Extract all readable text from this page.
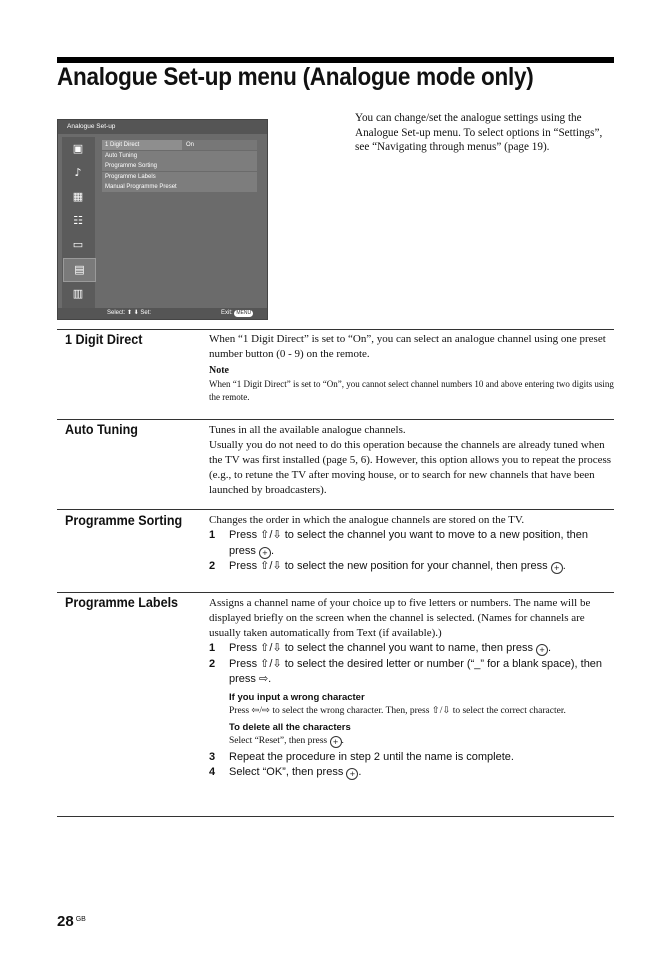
Analogue Set-up menu (Analogue mode only)
Analogue Set-up
▣
♪
▦
☷
▭
▤
▥
1 Digit Direct	On
Auto Tuning
Programme Sorting
Programme Labels
Manual Programme Preset
Select: ⬆ ⬇ Set:	Exit: MENU
You can change/set the analogue settings using the Analogue Set-up menu. To select options in “Settings”, see “Navigating through menus” (page 19).
1 Digit Direct	When “1 Digit Direct” is set to “On”, you can select an analogue channel using one preset number button (0 - 9) on the remote.

Note

When “1 Digit Direct” is set to “On”, you cannot select channel numbers 10 and above entering two digits using the remote.

Auto Tuning	Tunes in all the available analogue channels.

Usually you do not need to do this operation because the channels are already tuned when the TV was first installed (page 5, 6). However, this option allows you to repeat the process (e.g., to retune the TV after moving house, or to search for new channels that have been launched by broadcasters).

Programme Sorting Changes the order in which the analogue channels are stored on the TV.

1 Press ⇧/⇩ to select the channel you want to move to a new position, then press + .
2 Press ⇧/⇩ to select the new position for your channel, then press + .
Programme Labels	Assigns a channel name of your choice up to five letters or numbers. The name will be displayed briefly on the screen when the channel is selected. (Names for channels are usually taken automatically from Text (if available).)

1 Press ⇧/⇩ to select the channel you want to name, then press + .
2 Press ⇧/⇩ to select the desired letter or number (“_” for a blank space), then press ⇨.

If you input a wrong character

Press ⇦/⇨ to select the wrong character. Then, press ⇧/⇩ to select the correct character.

To delete all the characters

Select “Reset”, then press + .

3 Repeat the procedure in step 2 until the name is complete.
4 Select “OK”, then press + .
28 $^{GB}$
